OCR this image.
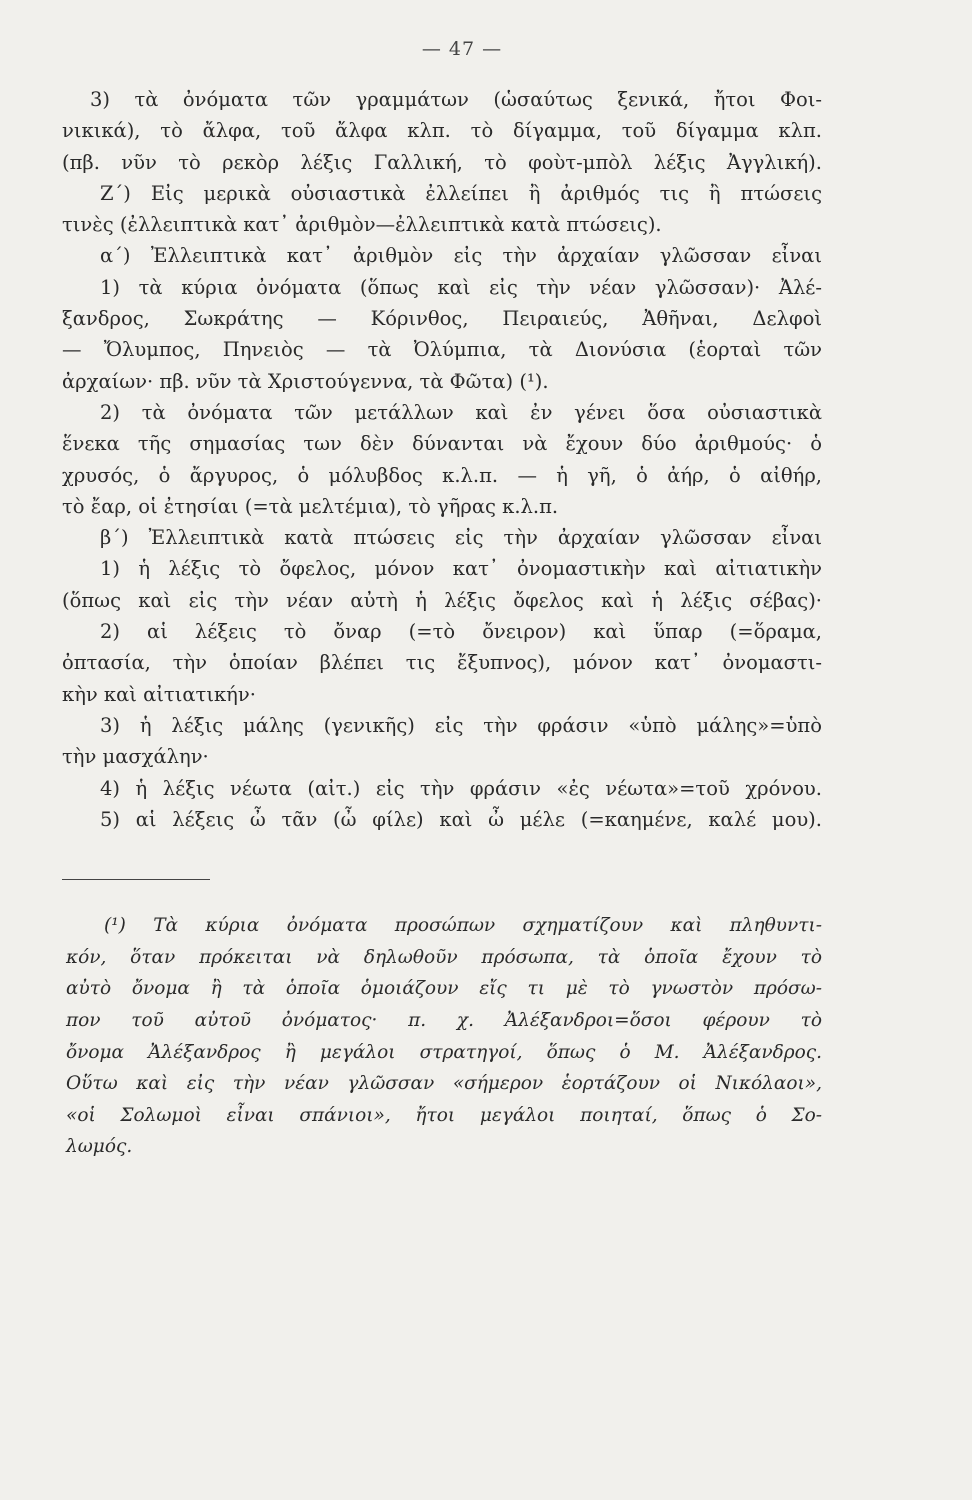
— 47 —
3) τὰ ὀνόματα τῶν γραμμάτων (ὡσαύτως ξενικά, ἤτοι Φοι-
νικικά), τὸ ἄλφα, τοῦ ἄλφα κλπ. τὸ δίγαμμα, τοῦ δίγαμμα κλπ.
(πβ. νῦν τὸ ρεκὸρ λέξις Γαλλική, τὸ φοὺτ-μπὸλ λέξις Ἀγγλική).
Ζ΄) Εἰς μερικὰ οὐσιαστικὰ ἐλλείπει ἢ ἀριθμός τις ἢ πτώσεις
τινὲς (ἐλλειπτικὰ κατ᾽ ἀριθμὸν—ἐλλειπτικὰ κατὰ πτώσεις).
α΄) Ἐλλειπτικὰ κατ᾽ ἀριθμὸν εἰς τὴν ἀρχαίαν γλῶσσαν εἶναι
1) τὰ κύρια ὀνόματα (ὅπως καὶ εἰς τὴν νέαν γλῶσσαν)· Ἀλέ-
ξανδρος, Σωκράτης — Κόρινθος, Πειραιεύς, Ἀθῆναι, Δελφοὶ
— Ὄλυμπος, Πηνειὸς — τὰ Ὀλύμπια, τὰ Διονύσια (ἑορταὶ τῶν
ἀρχαίων· πβ. νῦν τὰ Χριστούγεννα, τὰ Φῶτα) (¹).
2) τὰ ὀνόματα τῶν μετάλλων καὶ ἐν γένει ὅσα οὐσιαστικὰ
ἕνεκα τῆς σημασίας των δὲν δύνανται νὰ ἔχουν δύο ἀριθμούς· ὁ
χρυσός, ὁ ἄργυρος, ὁ μόλυβδος κ.λ.π. — ἡ γῆ, ὁ ἀήρ, ὁ αἰθήρ,
τὸ ἔαρ, οἱ ἐτησίαι (=τὰ μελτέμια), τὸ γῆρας κ.λ.π.
β΄) Ἐλλειπτικὰ κατὰ πτώσεις εἰς τὴν ἀρχαίαν γλῶσσαν εἶναι
1) ἡ λέξις τὸ ὄφελος, μόνον κατ᾽ ὀνομαστικὴν καὶ αἰτιατικὴν
(ὅπως καὶ εἰς τὴν νέαν αὐτὴ ἡ λέξις ὄφελος καὶ ἡ λέξις σέβας)·
2) αἱ λέξεις τὸ ὄναρ (=τὸ ὄνειρον) καὶ ὕπαρ (=ὅραμα,
ὀπτασία, τὴν ὁποίαν βλέπει τις ἔξυπνος), μόνον κατ᾽ ὀνομαστι-
κὴν καὶ αἰτιατικήν·
3) ἡ λέξις μάλης (γενικῆς) εἰς τὴν φράσιν «ὑπὸ μάλης»=ὑπὸ
τὴν μασχάλην·
4) ἡ λέξις νέωτα (αἰτ.) εἰς τὴν φράσιν «ἐς νέωτα»=τοῦ χρόνου.
5) αἱ λέξεις ὦ τᾶν (ὦ φίλε) καὶ ὦ μέλε (=καημένε, καλέ μου).
(¹) Τὰ κύρια ὀνόματα προσώπων σχηματίζουν καὶ πληθυντι-
κόν, ὅταν πρόκειται νὰ δηλωθοῦν πρόσωπα, τὰ ὁποῖα ἔχουν τὸ
αὐτὸ ὄνομα ἢ τὰ ὁποῖα ὁμοιάζουν εἴς τι μὲ τὸ γνωστὸν πρόσω-
πον τοῦ αὐτοῦ ὀνόματος· π. χ. Ἀλέξανδροι=ὅσοι φέρουν τὸ
ὄνομα Ἀλέξανδρος ἢ μεγάλοι στρατηγοί, ὅπως ὁ Μ. Ἀλέξανδρος.
Οὕτω καὶ εἰς τὴν νέαν γλῶσσαν «σήμερον ἑορτάζουν οἱ Νικόλαοι»,
«οἱ Σολωμοὶ εἶναι σπάνιοι», ἤτοι μεγάλοι ποιηταί, ὅπως ὁ Σο-
λωμός.
